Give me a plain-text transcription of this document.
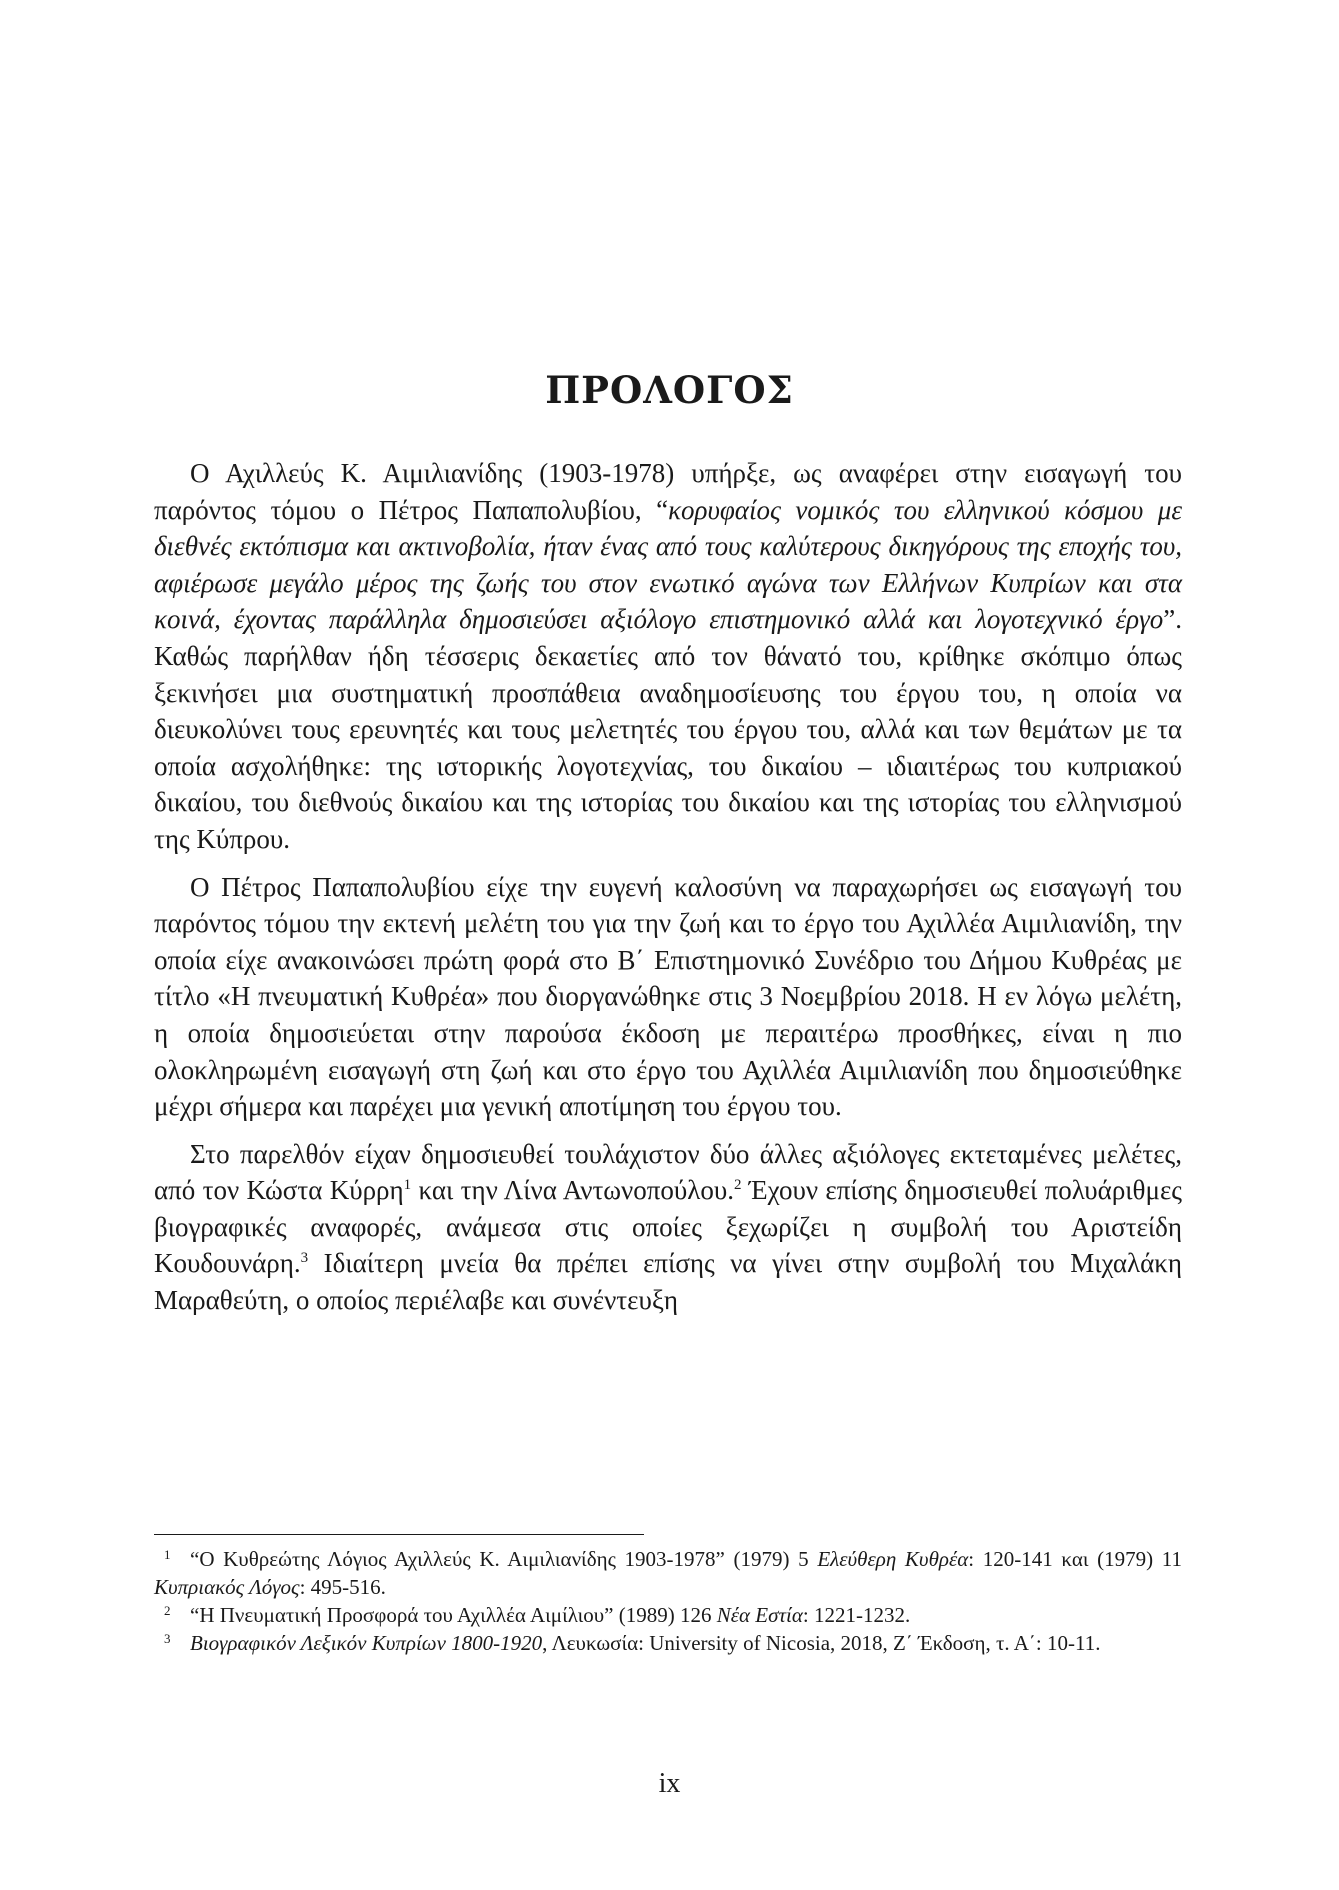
ΠΡΟΛΟΓΟΣ

Ο Αχιλλεύς Κ. Αιμιλιανίδης (1903-1978) υπήρξε, ως αναφέρει στην εισαγωγή του παρόντος τόμου ο Πέτρος Παπαπολυβίου, “κορυφαίος νομικός του ελληνικού κόσμου με διεθνές εκτόπισμα και ακτινοβολία, ήταν ένας από τους καλύτερους δικηγόρους της εποχής του, αφιέρωσε μεγάλο μέρος της ζωής του στον ενωτικό αγώνα των Ελλήνων Κυπρίων και στα κοινά, έχοντας παράλληλα δημοσιεύσει αξιόλογο επιστημονικό αλλά και λογοτεχνικό έργο”. Καθώς παρήλθαν ήδη τέσσερις δεκαετίες από τον θάνατό του, κρίθηκε σκόπιμο όπως ξεκινήσει μια συστηματική προσπάθεια αναδημοσίευσης του έργου του, η οποία να διευκολύνει τους ερευνητές και τους μελετητές του έργου του, αλλά και των θεμάτων με τα οποία ασχολήθηκε: της ιστορικής λογοτεχνίας, του δικαίου – ιδιαιτέρως του κυπριακού δικαίου, του διεθνούς δικαίου και της ιστορίας του δικαίου και της ιστορίας του ελληνισμού της Κύπρου.

Ο Πέτρος Παπαπολυβίου είχε την ευγενή καλοσύνη να παραχωρήσει ως εισαγωγή του παρόντος τόμου την εκτενή μελέτη του για την ζωή και το έργο του Αχιλλέα Αιμιλιανίδη, την οποία είχε ανακοινώσει πρώτη φορά στο Β΄ Επιστημονικό Συνέδριο του Δήμου Κυθρέας με τίτλο «Η πνευματική Κυθρέα» που διοργανώθηκε στις 3 Νοεμβρίου 2018. Η εν λόγω μελέτη, η οποία δημοσιεύεται στην παρούσα έκδοση με περαιτέρω προσθήκες, είναι η πιο ολοκληρωμένη εισαγωγή στη ζωή και στο έργο του Αχιλλέα Αιμιλιανίδη που δημοσιεύθηκε μέχρι σήμερα και παρέχει μια γενική αποτίμηση του έργου του.

Στο παρελθόν είχαν δημοσιευθεί τουλάχιστον δύο άλλες αξιόλογες εκτεταμένες μελέτες, από τον Κώστα Κύρρη$^1$ και την Λίνα Αντωνοπούλου.$^2$ Έχουν επίσης δημοσιευθεί πολυάριθμες βιογραφικές αναφορές, ανάμεσα στις οποίες ξεχωρίζει η συμβολή του Αριστείδη Κουδουνάρη.$^3$ Ιδιαίτερη μνεία θα πρέπει επίσης να γίνει στην συμβολή του Μιχαλάκη Μαραθεύτη, ο οποίος περιέλαβε και συνέντευξη

1 “Ο Κυθρεώτης Λόγιος Αχιλλεύς Κ. Αιμιλιανίδης 1903-1978” (1979) 5 Ελεύθερη Κυθρέα: 120-141 και (1979) 11 Κυπριακός Λόγος: 495-516.

2 “Η Πνευματική Προσφορά του Αχιλλέα Αιμίλιου” (1989) 126 Νέα Εστία: 1221-1232.

3 Βιογραφικόν Λεξικόν Κυπρίων 1800-1920, Λευκωσία: University of Nicosia, 2018, Ζ΄ Έκδοση, τ. Α΄: 10-11.

ix
